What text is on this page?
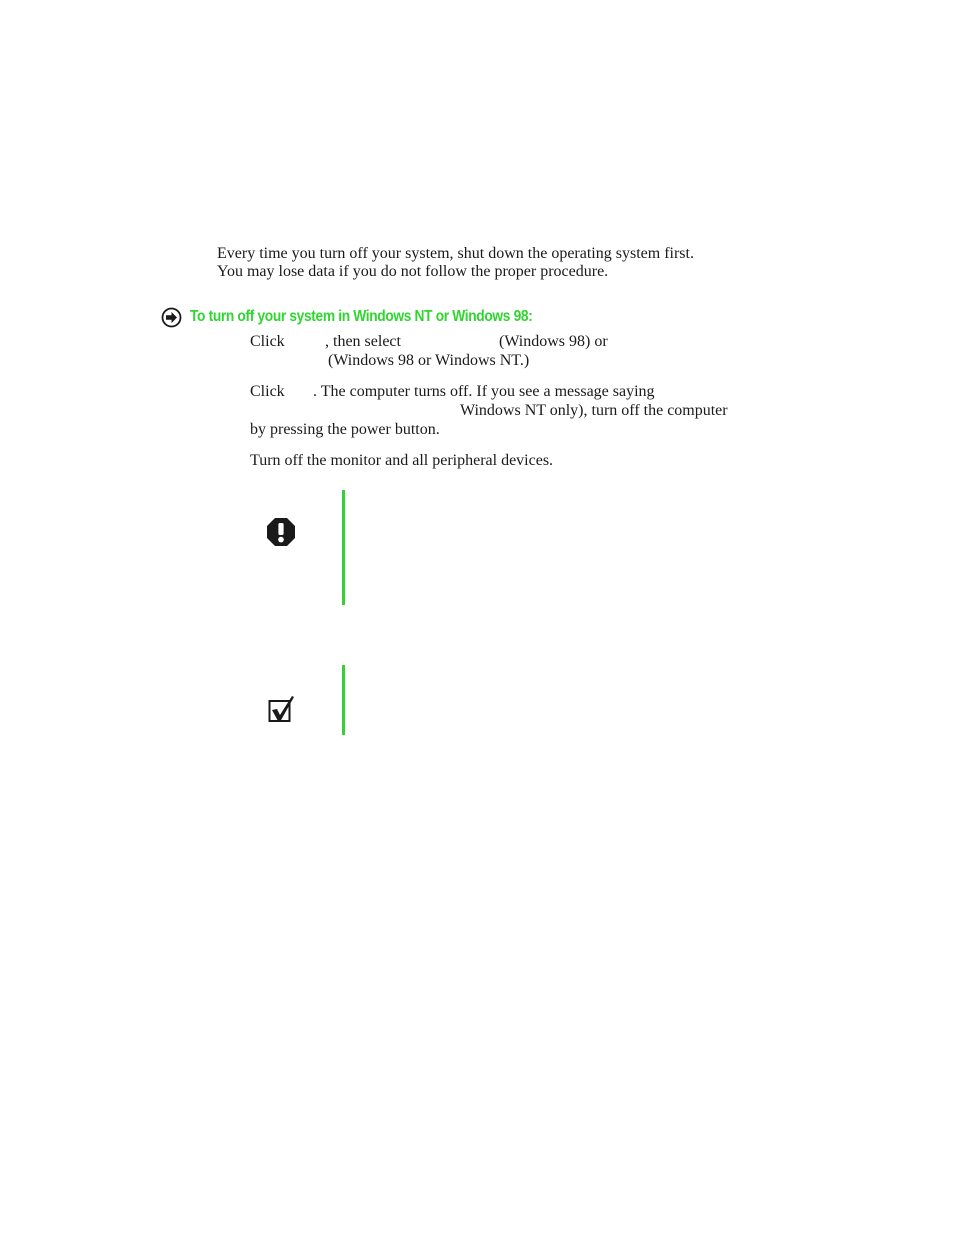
Every time you turn off your system, shut down the operating system first.

You may lose data if you do not follow the proper procedure.

To turn off your system in Windows NT or Windows 98:
Click	, then select	(Windows 98) or
(Windows 98 or Windows NT.)
Click . The computer turns off. If you see a message saying
Windows NT only), turn off the computer
by pressing the power button.
Turn off the monitor and all peripheral devices.
